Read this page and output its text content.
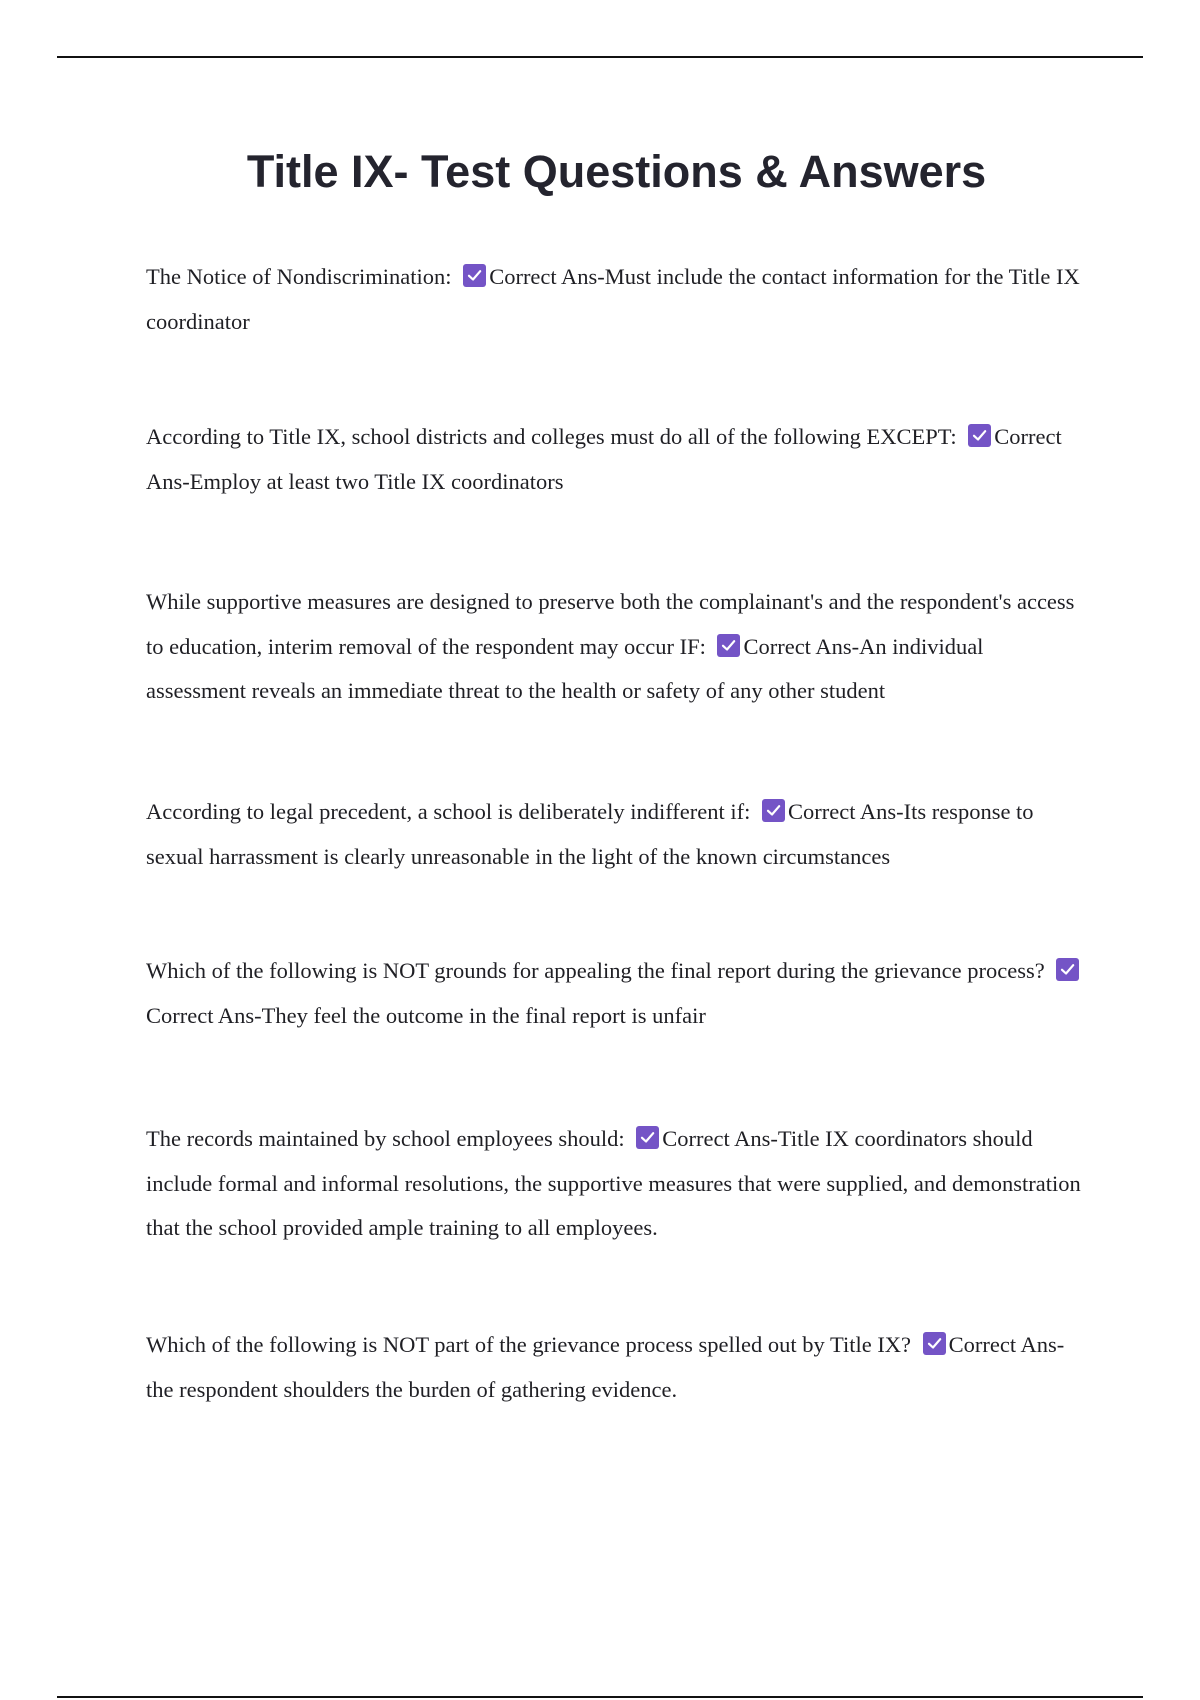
Title IX- Test Questions & Answers

The Notice of Nondiscrimination: Correct Ans-Must include the contact information for the Title IX coordinator

According to Title IX, school districts and colleges must do all of the following EXCEPT: Correct Ans-Employ at least two Title IX coordinators

While supportive measures are designed to preserve both the complainant's and the respondent's access to education, interim removal of the respondent may occur IF: Correct Ans-An individual assessment reveals an immediate threat to the health or safety of any other student

According to legal precedent, a school is deliberately indifferent if: Correct Ans-Its response to sexual harrassment is clearly unreasonable in the light of the known circumstances

Which of the following is NOT grounds for appealing the final report during the grievance process?
Correct Ans-They feel the outcome in the final report is unfair

The records maintained by school employees should: Correct Ans-Title IX coordinators should include formal and informal resolutions, the supportive measures that were supplied, and demonstration that the school provided ample training to all employees.

Which of the following is NOT part of the grievance process spelled out by Title IX? Correct Ans-the respondent shoulders the burden of gathering evidence.
